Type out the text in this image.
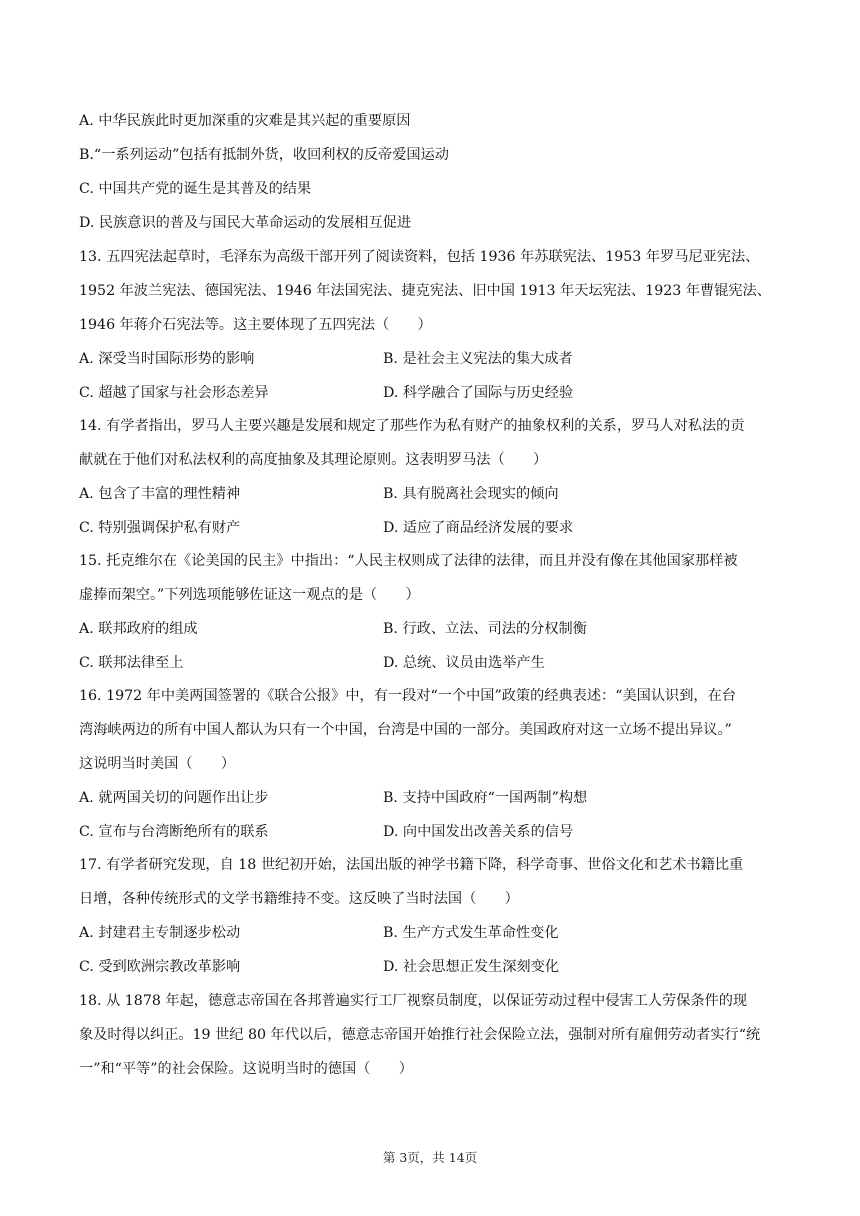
A. 中华民族此时更加深重的灾难是其兴起的重要原因
B.“一系列运动”包括有抵制外货，收回利权的反帝爱国运动
C. 中国共产党的诞生是其普及的结果
D. 民族意识的普及与国民大革命运动的发展相互促进
13. 五四宪法起草时，毛泽东为高级干部开列了阅读资料，包括 1936 年苏联宪法、1953 年罗马尼亚宪法、
1952 年波兰宪法、德国宪法、1946 年法国宪法、捷克宪法、旧中国 1913 年天坛宪法、1923 年曹锟宪法、
1946 年蒋介石宪法等。这主要体现了五四宪法（　　）
A. 深受当时国际形势的影响	B. 是社会主义宪法的集大成者
C. 超越了国家与社会形态差异	D. 科学融合了国际与历史经验
14. 有学者指出，罗马人主要兴趣是发展和规定了那些作为私有财产的抽象权利的关系，罗马人对私法的贡
献就在于他们对私法权利的高度抽象及其理论原则。这表明罗马法（　　）
A. 包含了丰富的理性精神	B. 具有脱离社会现实的倾向
C. 特别强调保护私有财产	D. 适应了商品经济发展的要求
15. 托克维尔在《论美国的民主》中指出：“人民主权则成了法律的法律，而且并没有像在其他国家那样被
虚捧而架空。”下列选项能够佐证这一观点的是（　　）
A. 联邦政府的组成	B. 行政、立法、司法的分权制衡
C. 联邦法律至上	D. 总统、议员由选举产生
16. 1972 年中美两国签署的《联合公报》中，有一段对“一个中国”政策的经典表述：“美国认识到，在台
湾海峡两边的所有中国人都认为只有一个中国，台湾是中国的一部分。美国政府对这一立场不提出异议。”
这说明当时美国（　　）
A. 就两国关切的问题作出让步	B. 支持中国政府“一国两制”构想
C. 宣布与台湾断绝所有的联系	D. 向中国发出改善关系的信号
17. 有学者研究发现，自 18 世纪初开始，法国出版的神学书籍下降，科学奇事、世俗文化和艺术书籍比重
日增，各种传统形式的文学书籍维持不变。这反映了当时法国（　　）
A. 封建君主专制逐步松动	B. 生产方式发生革命性变化
C. 受到欧洲宗教改革影响	D. 社会思想正发生深刻变化
18. 从 1878 年起，德意志帝国在各邦普遍实行工厂视察员制度，以保证劳动过程中侵害工人劳保条件的现
象及时得以纠正。19 世纪 80 年代以后，德意志帝国开始推行社会保险立法，强制对所有雇佣劳动者实行“统
一”和“平等”的社会保险。这说明当时的德国（　　）
第 3页，共 14页
